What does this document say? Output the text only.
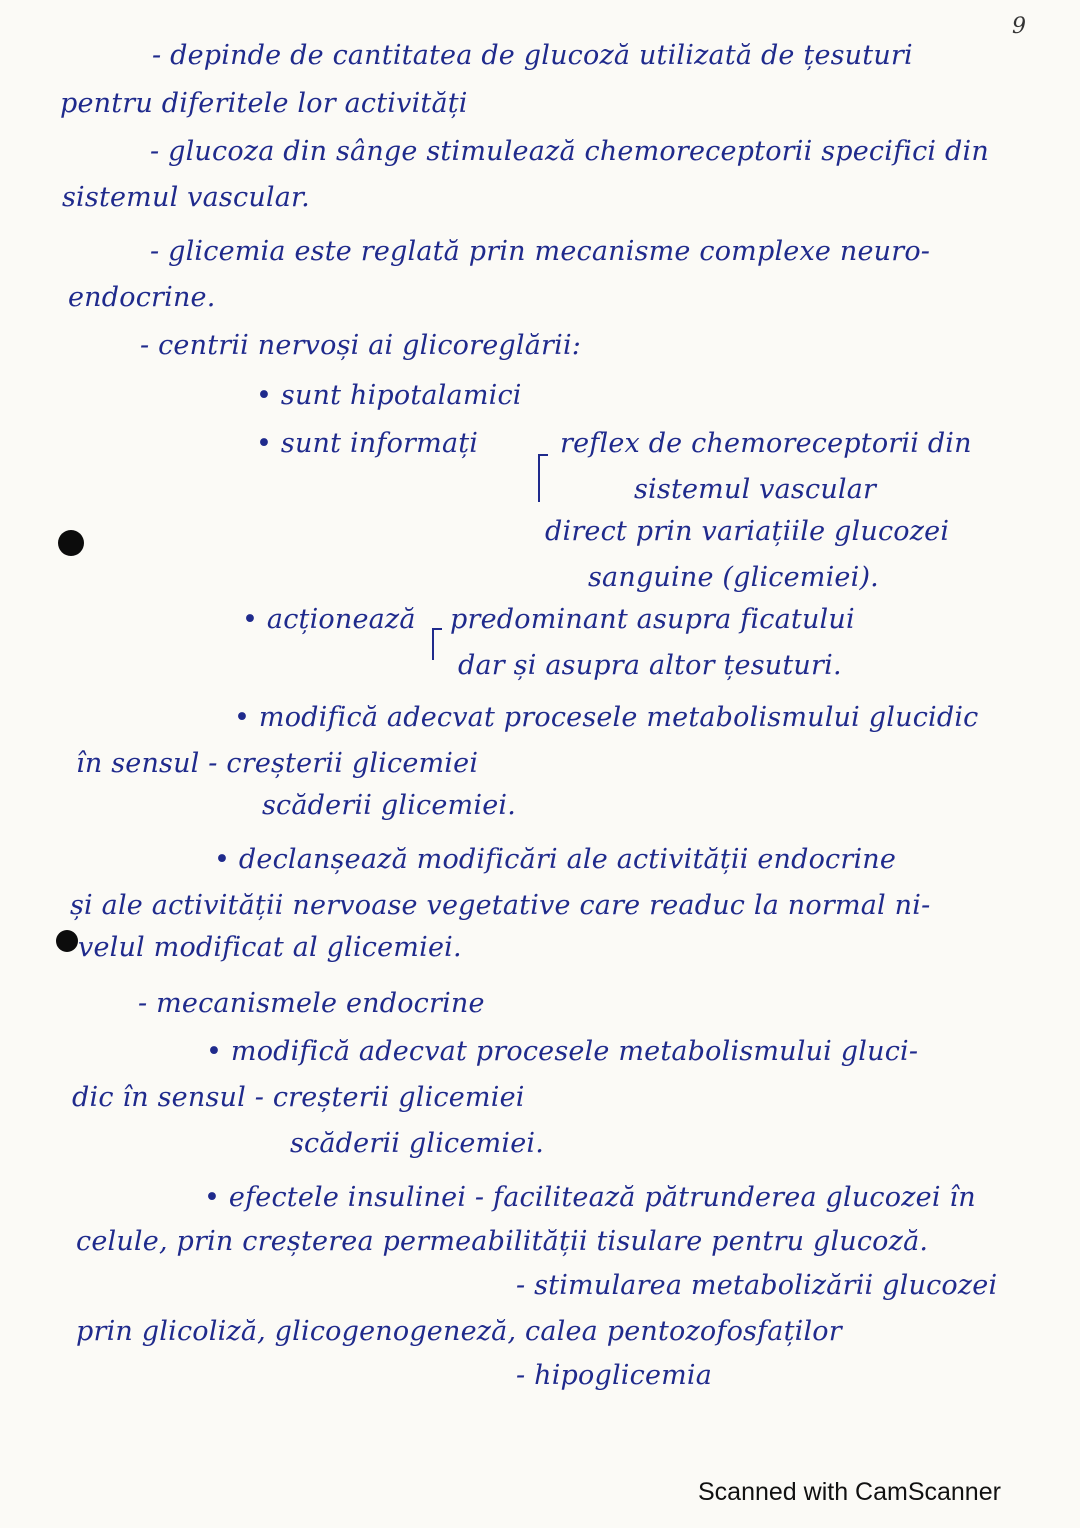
9
- depinde de cantitatea de glucoză utilizată de țesuturi
pentru diferitele lor activități
- glucoza din sânge stimulează chemoreceptorii specifici din
sistemul vascular.
- glicemia este reglată prin mecanisme complexe neuro-
endocrine.
- centrii nervoși ai glicoreglării:
• sunt hipotalamici
• sunt informați	reflex de chemoreceptorii din
sistemul vascular
direct prin variațiile glucozei
sanguine (glicemiei).
• acționează predominant asupra ficatului
dar și asupra altor țesuturi.
• modifică adecvat procesele metabolismului glucidic
în sensul - creșterii glicemiei
scăderii glicemiei.
• declanșează modificări ale activității endocrine
și ale activității nervoase vegetative care readuc la normal ni-
velul modificat al glicemiei.
- mecanismele endocrine
• modifică adecvat procesele metabolismului gluci-
dic în sensul - creșterii glicemiei
scăderii glicemiei.
• efectele insulinei - facilitează pătrunderea glucozei în
celule, prin creșterea permeabilității tisulare pentru glucoză.
- stimularea metabolizării glucozei
prin glicoliză, glicogenogeneză, calea pentozofosfaților
- hipoglicemia
Scanned with CamScanner
